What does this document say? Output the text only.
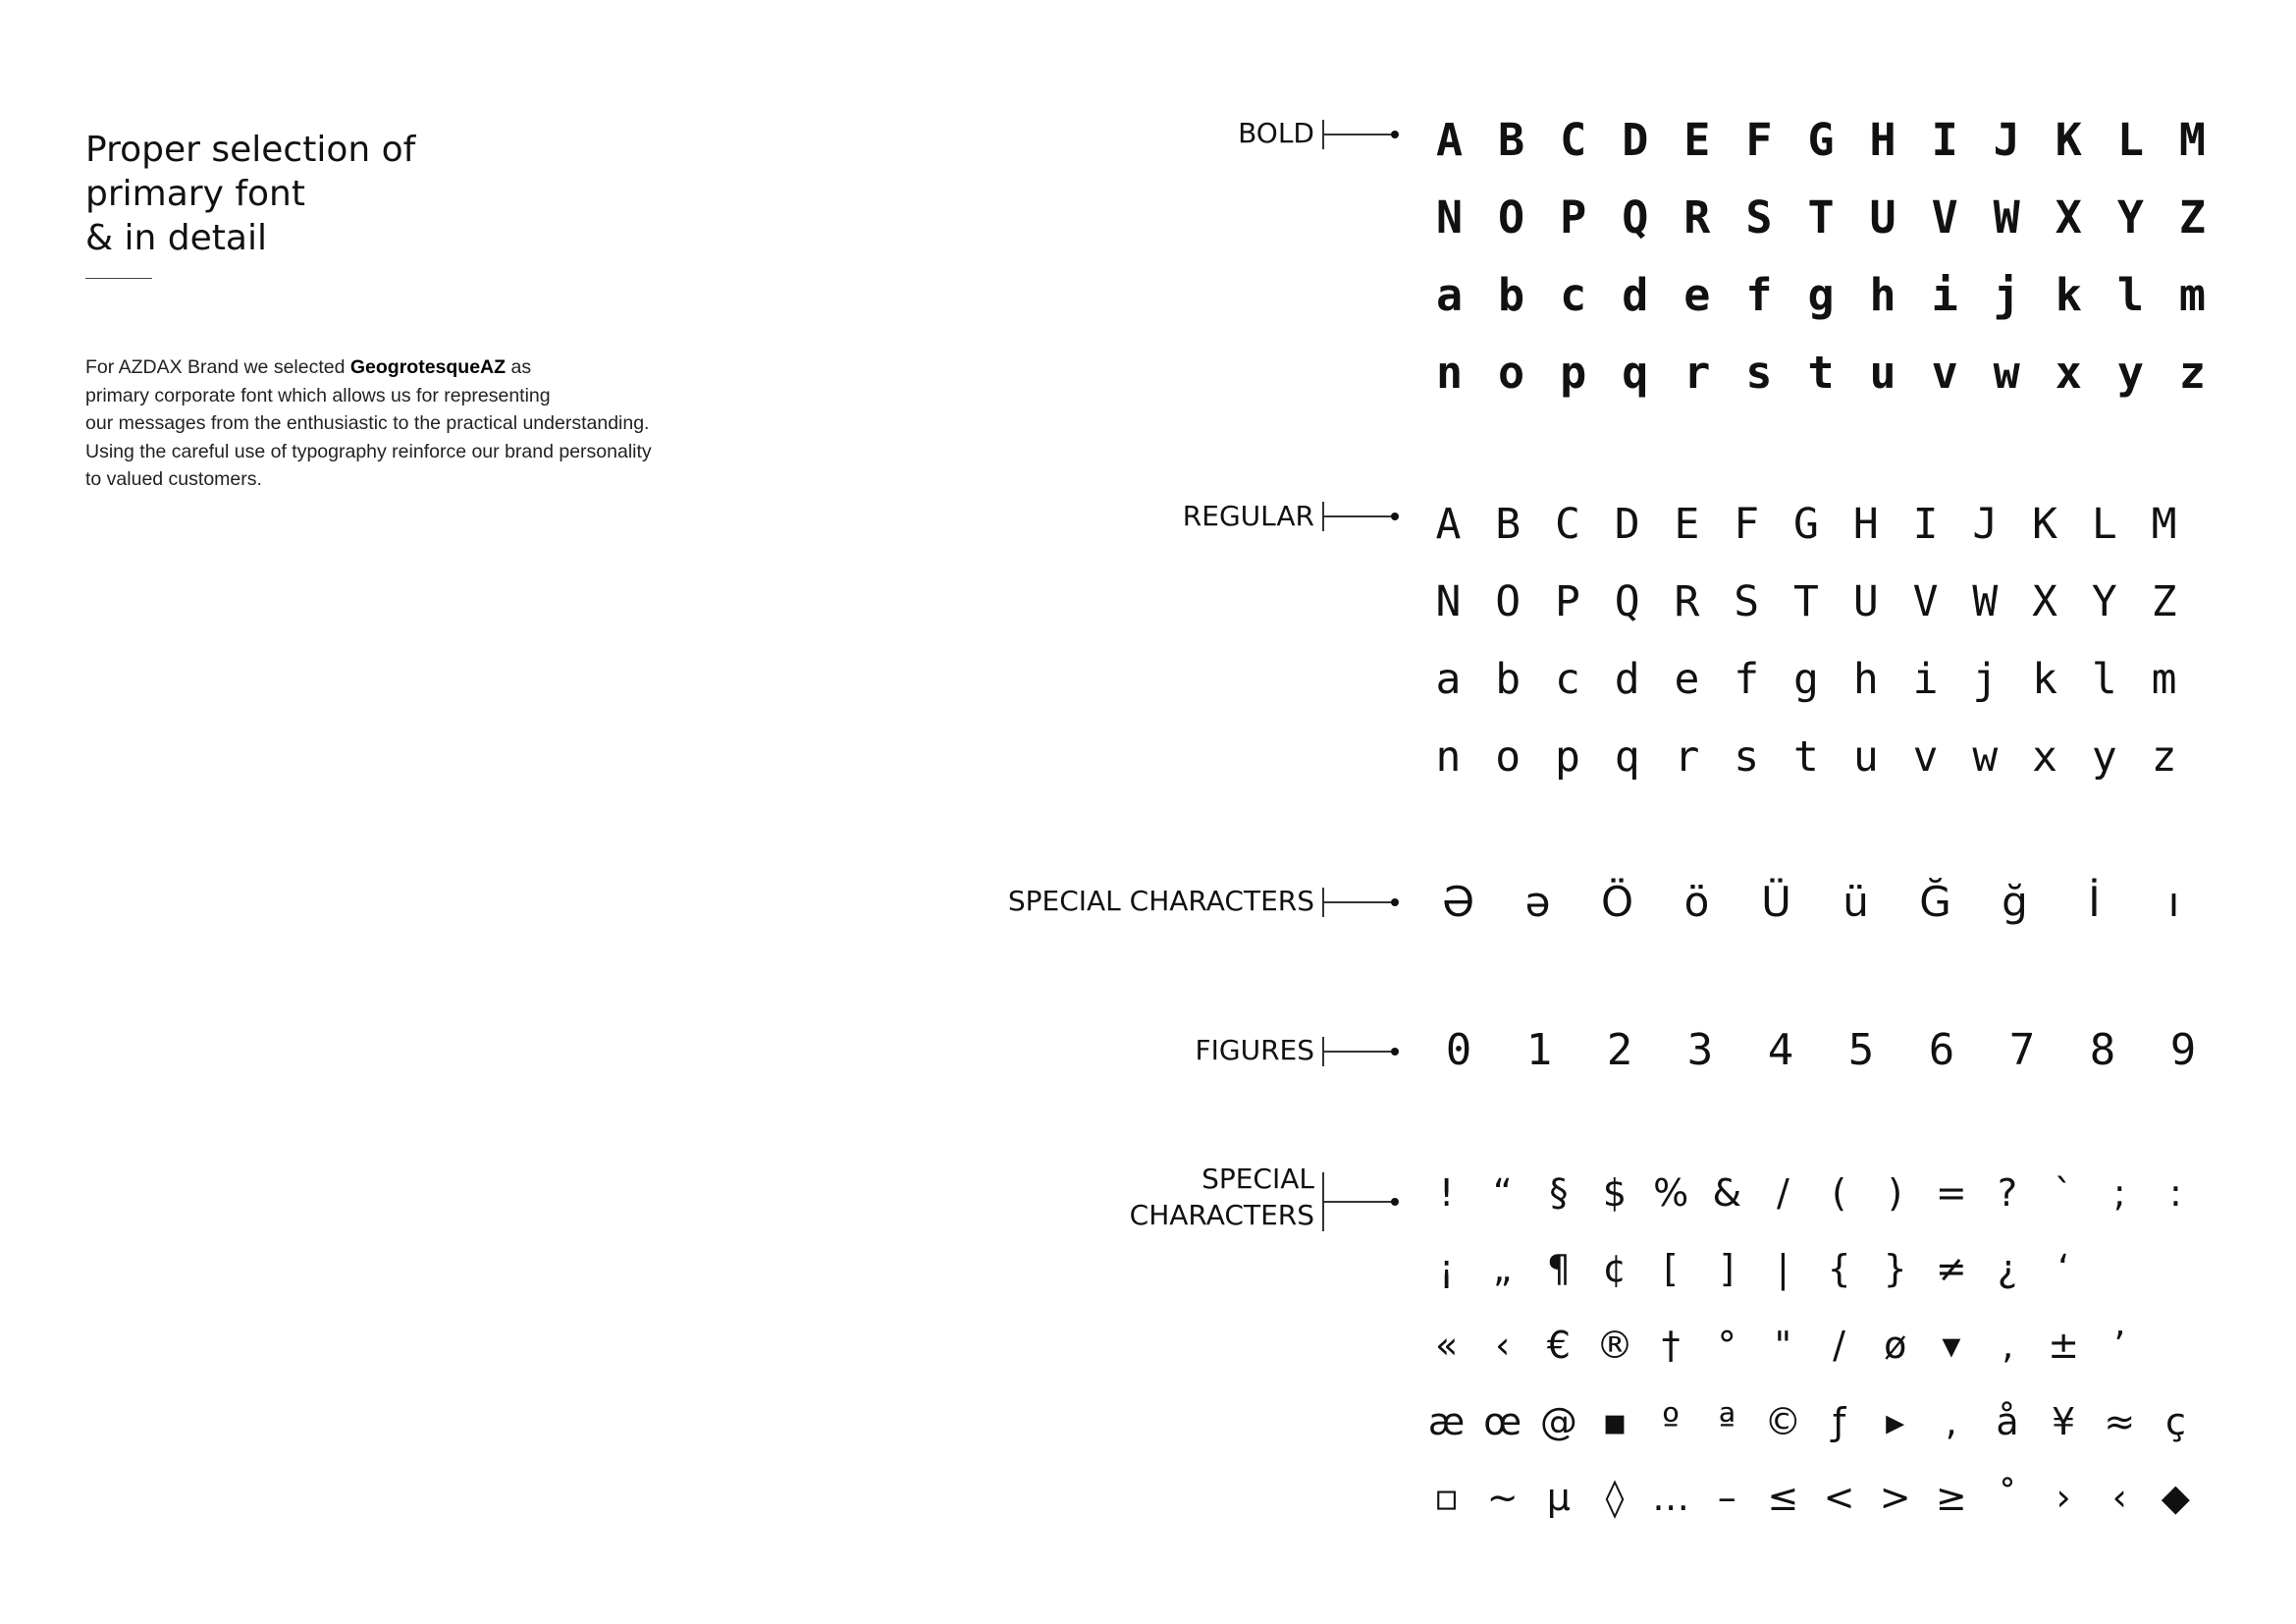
Proper selection of
primary font
& in detail

For AZDAX Brand we selected GeogrotesqueAZ as

primary corporate font which allows us for representing

our messages from the enthusiastic to the practical understanding.

Using the careful use of typography reinforce our brand personality

to valued customers.

BOLD	A B C D E F G H I J K L M
N O P Q R S T U V W X Y Z
a b c d e f g h i j k l m
n o p q r s t u v w x y z
REGULAR	A B C D E F G H I J K L M
N O P Q R S T U V W X Y Z
a b c d e f g h i j k l m
n o p q r s t u v w x y z
SPECIAL CHARACTERS	Ə	ə	Ö	ö	Ü	ü	Ğ	ğ	İ	ı
FIGURES	0	1	2	3	4	5	6	7	8	9
SPECIAL
CHARACTERS
!	“ § $ % & /	(	) = ? `	;	:
¡	„ ¶ ¢ [	]	|	{ } ≠ ¿	‘
« ‹ € ® †	°	"	/	ø ▾	‚ ± ’
æ œ @ ▪ º	ª © ƒ	▸	,	å ¥ ≈ ç
▫ ~ µ ◊ … – ≤ < > ≥ ˚	›	‹ ◆
